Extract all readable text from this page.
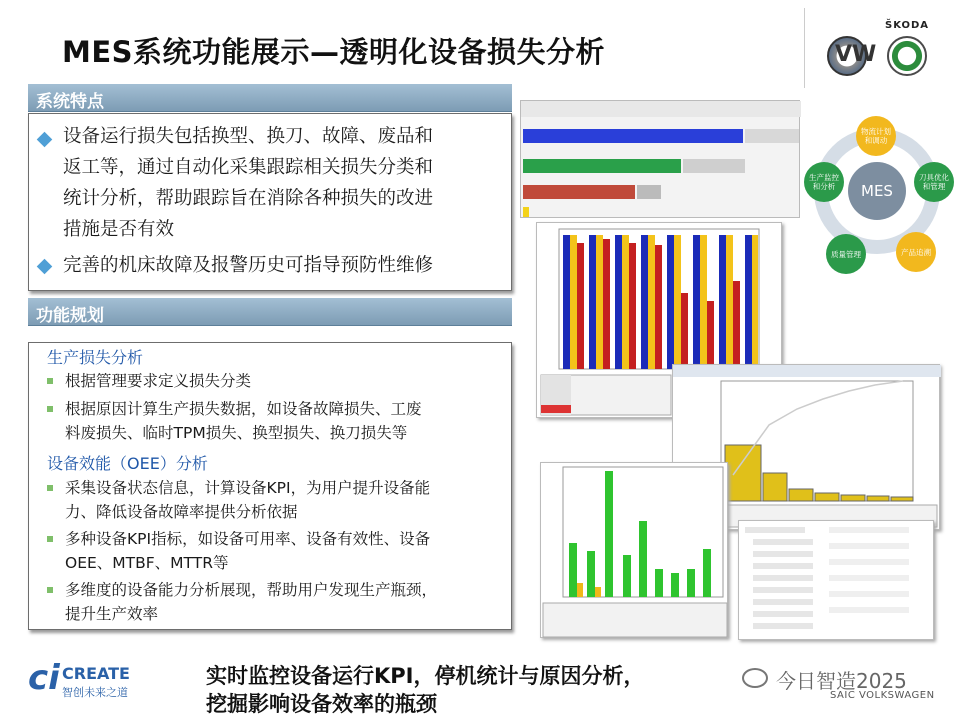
MES系统功能展示—透明化设备损失分析	VW
ŠKODA
系统特点
设备运行损失包括换型、换刀、故障、废品和
返工等，通过自动化采集跟踪相关损失分类和
统计分析，帮助跟踪旨在消除各种损失的改进
措施是否有效
完善的机床故障及报警历史可指导预防性维修
功能规划
生产损失分析
根据管理要求定义损失分类
根据原因计算生产损失数据，如设备故障损失、工废
料废损失、临时TPM损失、换型损失、换刀损失等
设备效能（OEE）分析
采集设备状态信息，计算设备KPI，为用户提升设备能
力、降低设备故障率提供分析依据
多种设备KPI指标，如设备可用率、设备有效性、设备
OEE、MTBF、MTTR等
多维度的设备能力分析展现，帮助用户发现生产瓶颈，
提升生产效率
MES
物流计划和调动
刀具优化和管理
产品追溯
质量管理
生产监控和分析
ci CREATE
智创未来之道
实时监控设备运行KPI，停机统计与原因分析，
挖掘影响设备效率的瓶颈
今日智造2025
SAIC VOLKSWAGEN
